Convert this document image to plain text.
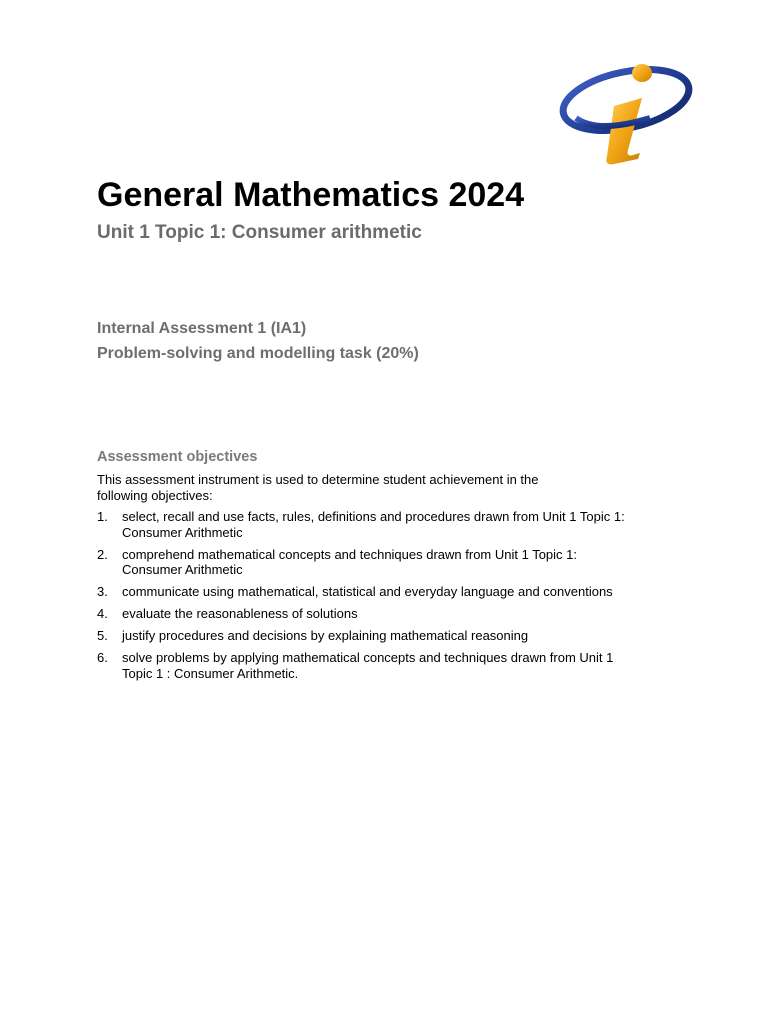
General Mathematics 2024
Unit 1 Topic 1: Consumer arithmetic
Internal Assessment 1 (IA1)
Problem-solving and modelling task (20%)
Assessment objectives
This assessment instrument is used to determine student achievement in the following objectives:
1.	select, recall and use facts, rules, definitions and procedures drawn from Unit 1 Topic 1: Consumer Arithmetic
2.	comprehend mathematical concepts and techniques drawn from Unit 1 Topic 1: Consumer Arithmetic
3.	communicate using mathematical, statistical and everyday language and conventions
4.	evaluate the reasonableness of solutions
5.	justify procedures and decisions by explaining mathematical reasoning
6.	solve problems by applying mathematical concepts and techniques drawn from Unit 1 Topic 1 : Consumer Arithmetic.
